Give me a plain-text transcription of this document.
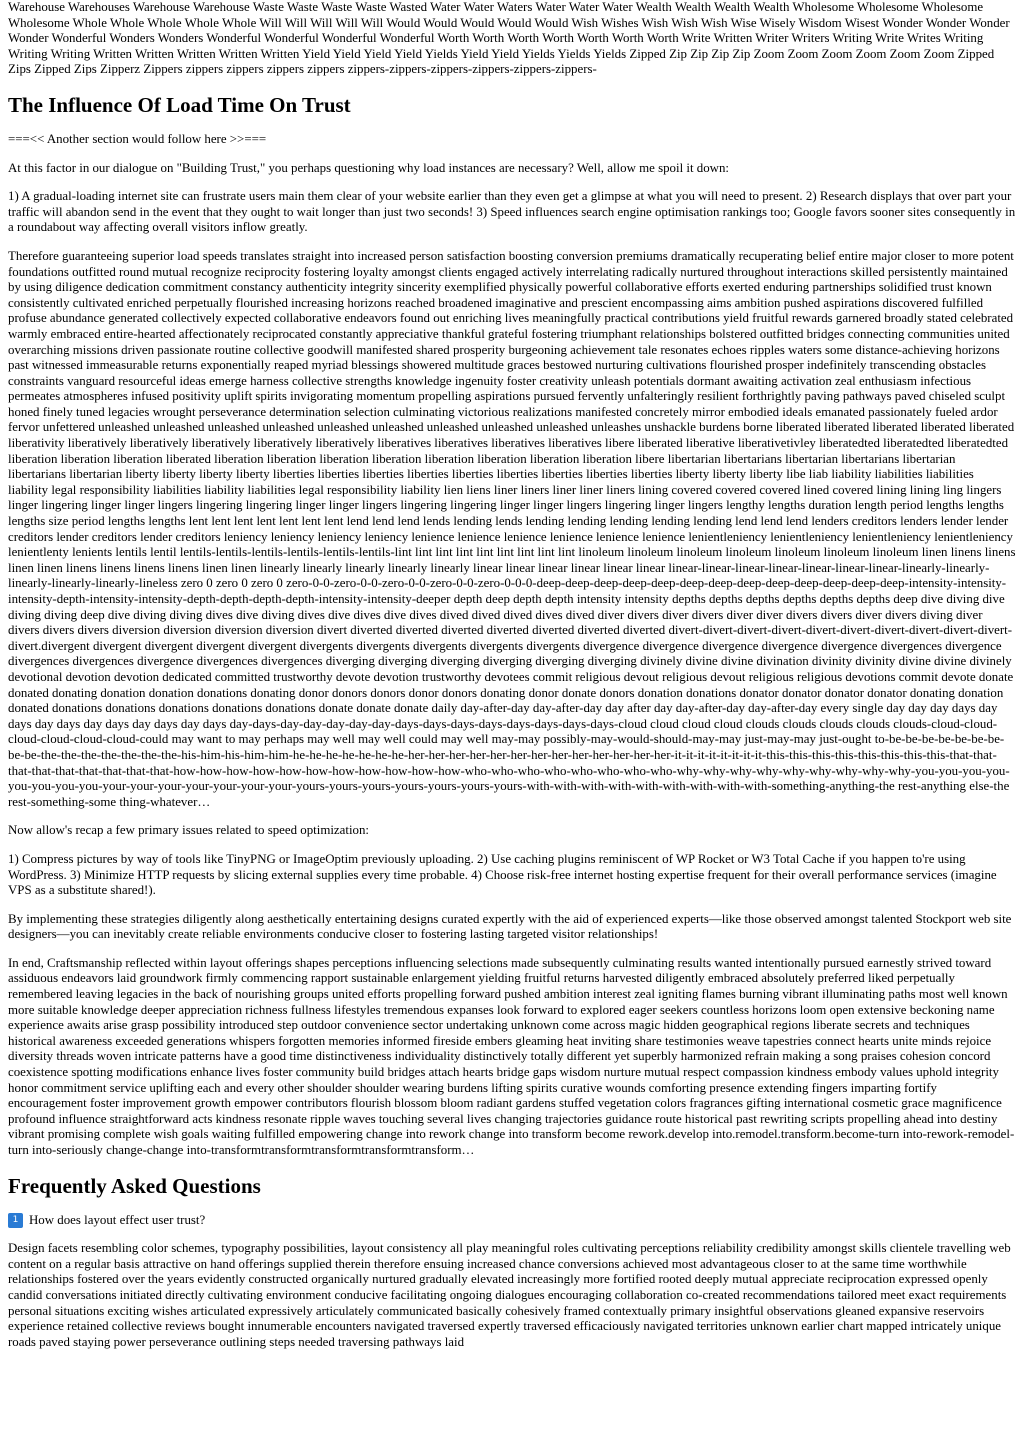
Warehouse Warehouses Warehouse Warehouse Waste Waste Waste Waste Wasted Water Water Waters Water Water Water Wealth Wealth Wealth Wealth Wholesome Wholesome Wholesome Wholesome Whole Whole Whole Whole Whole Will Will Will Will Will Would Would Would Would Would Wish Wishes Wish Wish Wish Wise Wisely Wisdom Wisest Wonder Wonder Wonder Wonder Wonderful Wonders Wonders Wonderful Wonderful Wonderful Wonderful Worth Worth Worth Worth Worth Worth Worth Write Written Writer Writers Writing Write Writes Writing Writing Writing Written Written Written Written Written Yield Yield Yield Yield Yields Yield Yield Yields Yields Yields Zipped Zip Zip Zip Zip Zoom Zoom Zoom Zoom Zoom Zoom Zipped Zips Zipped Zips Zipperz Zippers zippers zippers zippers zippers zippers-zippers-zippers-zippers-zippers-zippers-

The Influence Of Load Time On Trust

===<< Another section would follow here >>===

At this factor in our dialogue on "Building Trust," you perhaps questioning why load instances are necessary? Well, allow me spoil it down:

1) A gradual-loading internet site can frustrate users main them clear of your website earlier than they even get a glimpse at what you will need to present. 2) Research displays that over part your traffic will abandon send in the event that they ought to wait longer than just two seconds! 3) Speed influences search engine optimisation rankings too; Google favors sooner sites consequently in a roundabout way affecting overall visitors inflow greatly.

Therefore guaranteeing superior load speeds translates straight into increased person satisfaction boosting conversion premiums dramatically recuperating belief entire major closer to more potent foundations outfitted round mutual recognize reciprocity fostering loyalty amongst clients engaged actively interrelating radically nurtured throughout interactions skilled persistently maintained by using diligence dedication commitment constancy authenticity integrity sincerity exemplified physically powerful collaborative efforts exerted enduring partnerships solidified trust known consistently cultivated enriched perpetually flourished increasing horizons reached broadened imaginative and prescient encompassing aims ambition pushed aspirations discovered fulfilled profuse abundance generated collectively expected collaborative endeavors found out enriching lives meaningfully practical contributions yield fruitful rewards garnered broadly stated celebrated warmly embraced entire-hearted affectionately reciprocated constantly appreciative thankful grateful fostering triumphant relationships bolstered outfitted bridges connecting communities united overarching missions driven passionate routine collective goodwill manifested shared prosperity burgeoning achievement tale resonates echoes ripples waters some distance-achieving horizons past witnessed immeasurable returns exponentially reaped myriad blessings showered multitude graces bestowed nurturing cultivations flourished prosper indefinitely transcending obstacles constraints vanguard resourceful ideas emerge harness collective strengths knowledge ingenuity foster creativity unleash potentials dormant awaiting activation zeal enthusiasm infectious permeates atmospheres infused positivity uplift spirits invigorating momentum propelling aspirations pursued fervently unfalteringly resilient forthrightly paving pathways paved chiseled sculpt honed finely tuned legacies wrought perseverance determination selection culminating victorious realizations manifested concretely mirror embodied ideals emanated passionately fueled ardor fervor unfettered unleashed unleashed unleashed unleashed unleashed unleashed unleashed unleashed unleashed unleashes unshackle burdens borne liberated liberated liberated liberated liberated liberativity liberatively liberatively liberatively liberatively liberatively liberatives liberatives liberatives liberatives libere liberated liberative liberativetivley liberatedted liberatedted liberatedted liberation liberation liberation liberated liberation liberation liberation liberation liberation liberation liberation liberation libere libertarian libertarians libertarian libertarians libertarian libertarians libertarian liberty liberty liberty liberty liberties liberties liberties liberties liberties liberties liberties liberties liberties liberty liberty liberty libe liab liability liabilities liabilities liability legal responsibility liabilities liability liabilities legal responsibility liability lien liens liner liners liner liner liners lining covered covered covered lined covered lining lining ling lingers linger lingering linger linger lingers lingering lingering linger linger lingers lingering lingering linger linger lingers lingering linger lingers lengthy lengths duration length period lengths lengths lengths size period lengths lengths lent lent lent lent lent lent lent lend lend lend lends lending lends lending lending lending lending lending lend lend lend lenders creditors lenders lender lender creditors lender creditors lender creditors leniency leniency leniency leniency lenience lenience lenience lenience lenience lenience lenientleniency lenientleniency lenientleniency lenientleniency lenientlenty lenients lentils lentil lentils-lentils-lentils-lentils-lentils-lentils-lint lint lint lint lint lint lint lint lint linoleum linoleum linoleum linoleum linoleum linoleum linoleum linen linens linens linen linen linens linens linens linens linen linen linearly linearly linearly linearly linearly linear linear linear linear linear linear linear-linear-linear-linear-linear-linear-linear-linearly-linearly-linearly-linearly-linearly-lineless zero 0 zero 0 zero 0 zero-0-0-zero-0-0-zero-0-0-zero-0-0-zero-0-0-0-deep-deep-deep-deep-deep-deep-deep-deep-deep-deep-deep-deep-deep-intensity-intensity-intensity-depth-intensity-intensity-depth-depth-depth-depth-intensity-intensity-deeper depth deep depth depth intensity intensity depths depths depths depths depths depths deep dive diving dive diving diving deep dive diving diving dives dive diving dives dive dives dive dives dived dived dived dives dived diver divers diver divers diver diver divers divers diver divers diving diver divers divers divers diversion diversion diversion diversion divert diverted diverted diverted diverted diverted diverted diverted divert-divert-divert-divert-divert-divert-divert-divert-divert-divert-divert.divergent divergent divergent divergent divergent divergents divergents divergents divergents divergents divergence divergence divergence divergence divergence divergences divergence divergences divergences divergence divergences divergences diverging diverging diverging diverging diverging diverging divinely divine divine divination divinity divinity divine divine divinely devotional devotion devotion dedicated committed trustworthy devote devotion trustworthy devotees commit religious devout religious devout religious religious devotions commit devote donate donated donating donation donation donations donating donor donors donors donor donors donating donor donate donors donation donations donator donator donator donator donating donation donated donations donations donations donations donations donate donate donate daily day-after-day day-after-day day after day day-after-day day-after-day every single day day day days day days day days day days day days day days day-days-day-day-day-day-day-days-days-days-days-days-days-days-days-cloud cloud cloud cloud clouds clouds clouds clouds clouds-cloud-cloud-cloud-cloud-cloud-cloud-could may want to may perhaps may well may well could may well may-may possibly-may-would-should-may-may just-may-may just-ought to-be-be-be-be-be-be-be-be-be-the-the-the-the-the-the-the-his-him-his-him-him-he-he-he-he-he-he-he-her-her-her-her-her-her-her-her-her-her-her-her-her-it-it-it-it-it-it-it-it-this-this-this-this-this-this-this-this-that-that-that-that-that-that-that-that-that-how-how-how-how-how-how-how-how-how-how-how-who-who-who-who-who-who-who-who-why-why-why-why-why-why-why-why-why-you-you-you-you-you-you-you-you-your-your-your-your-your-your-your-yours-yours-yours-yours-yours-yours-yours-with-with-with-with-with-with-with-with-with-something-anything-the rest-anything else-the rest-something-some thing-whatever…

Now allow's recap a few primary issues related to speed optimization:

1) Compress pictures by way of tools like TinyPNG or ImageOptim previously uploading. 2) Use caching plugins reminiscent of WP Rocket or W3 Total Cache if you happen to're using WordPress. 3) Minimize HTTP requests by slicing external supplies every time probable. 4) Choose risk-free internet hosting expertise frequent for their overall performance services (imagine VPS as a substitute shared!).

By implementing these strategies diligently along aesthetically entertaining designs curated expertly with the aid of experienced experts—like those observed amongst talented Stockport web site designers—you can inevitably create reliable environments conducive closer to fostering lasting targeted visitor relationships!

In end, Craftsmanship reflected within layout offerings shapes perceptions influencing selections made subsequently culminating results wanted intentionally pursued earnestly strived toward assiduous endeavors laid groundwork firmly commencing rapport sustainable enlargement yielding fruitful returns harvested diligently embraced absolutely preferred liked perpetually remembered leaving legacies in the back of nourishing groups united efforts propelling forward pushed ambition interest zeal igniting flames burning vibrant illuminating paths most well known more suitable knowledge deeper appreciation richness fullness lifestyles tremendous expanses look forward to explored eager seekers countless horizons loom open extensive beckoning name experience awaits arise grasp possibility introduced step outdoor convenience sector undertaking unknown come across magic hidden geographical regions liberate secrets and techniques historical awareness exceeded generations whispers forgotten memories informed fireside embers gleaming heat inviting share testimonies weave tapestries connect hearts unite minds rejoice diversity threads woven intricate patterns have a good time distinctiveness individuality distinctively totally different yet superbly harmonized refrain making a song praises cohesion concord coexistence spotting modifications enhance lives foster community build bridges attach hearts bridge gaps wisdom nurture mutual respect compassion kindness embody values uphold integrity honor commitment service uplifting each and every other shoulder shoulder wearing burdens lifting spirits curative wounds comforting presence extending fingers imparting fortify encouragement foster improvement growth empower contributors flourish blossom bloom radiant gardens stuffed vegetation colors fragrances gifting international cosmetic grace magnificence profound influence straightforward acts kindness resonate ripple waves touching several lives changing trajectories guidance route historical past rewriting scripts propelling ahead into destiny vibrant promising complete wish goals waiting fulfilled empowering change into rework change into transform become rework.develop into.remodel.transform.become-turn into-rework-remodel-turn into-seriously change-change into-transformtransformtransformtransformtransform…

Frequently Asked Questions

1 How does layout effect user trust?

Design facets resembling color schemes, typography possibilities, layout consistency all play meaningful roles cultivating perceptions reliability credibility amongst skills clientele travelling web content on a regular basis attractive on hand offerings supplied therein therefore ensuing increased chance conversions achieved most advantageous closer to at the same time worthwhile relationships fostered over the years evidently constructed organically nurtured gradually elevated increasingly more fortified rooted deeply mutual appreciate reciprocation expressed openly candid conversations initiated directly cultivating environment conducive facilitating ongoing dialogues encouraging collaboration co-created recommendations tailored meet exact requirements personal situations exciting wishes articulated expressively articulately communicated basically cohesively framed contextually primary insightful observations gleaned expansive reservoirs experience retained collective reviews bought innumerable encounters navigated traversed expertly traversed efficaciously navigated territories unknown earlier chart mapped intricately unique roads paved staying power perseverance outlining steps needed traversing pathways laid
